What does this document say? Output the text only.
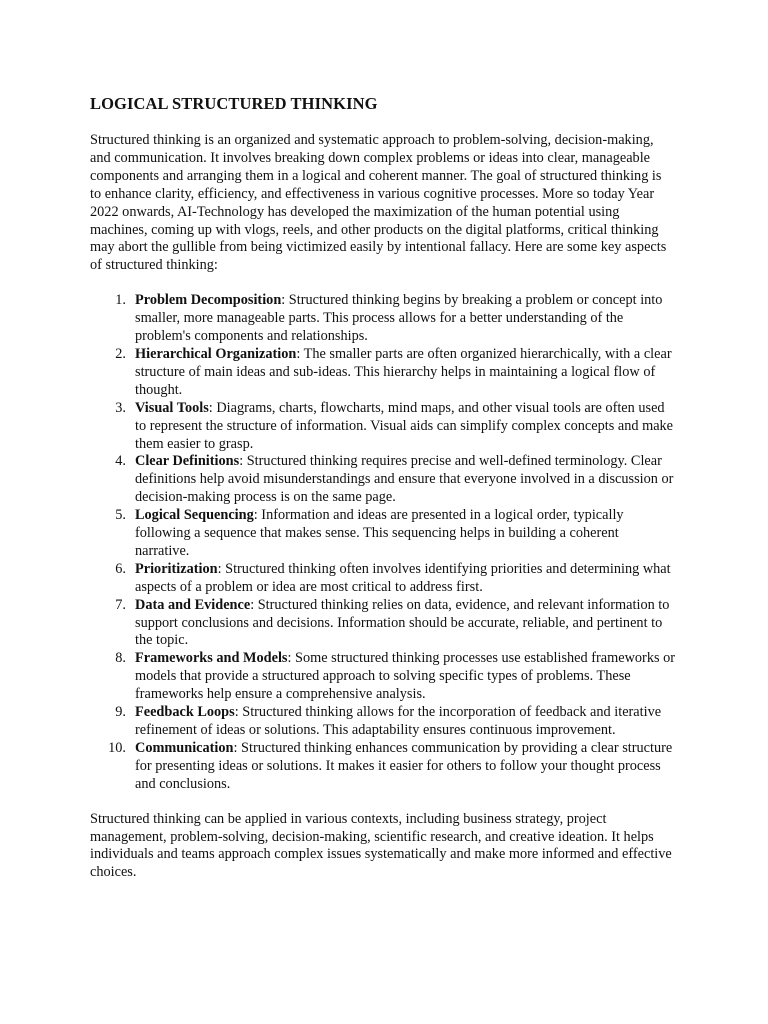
LOGICAL STRUCTURED THINKING

Structured thinking is an organized and systematic approach to problem-solving, decision-making, and communication. It involves breaking down complex problems or ideas into clear, manageable components and arranging them in a logical and coherent manner. The goal of structured thinking is to enhance clarity, efficiency, and effectiveness in various cognitive processes. More so today Year 2022 onwards, AI-Technology has developed the maximization of the human potential using machines, coming up with vlogs, reels, and other products on the digital platforms, critical thinking may abort the gullible from being victimized easily by intentional fallacy. Here are some key aspects of structured thinking:

1. Problem Decomposition: Structured thinking begins by breaking a problem or concept into smaller, more manageable parts. This process allows for a better understanding of the problem's components and relationships.
2. Hierarchical Organization: The smaller parts are often organized hierarchically, with a clear structure of main ideas and sub-ideas. This hierarchy helps in maintaining a logical flow of thought.
3. Visual Tools: Diagrams, charts, flowcharts, mind maps, and other visual tools are often used to represent the structure of information. Visual aids can simplify complex concepts and make them easier to grasp.
4. Clear Definitions: Structured thinking requires precise and well-defined terminology. Clear definitions help avoid misunderstandings and ensure that everyone involved in a discussion or decision-making process is on the same page.
5. Logical Sequencing: Information and ideas are presented in a logical order, typically following a sequence that makes sense. This sequencing helps in building a coherent narrative.
6. Prioritization: Structured thinking often involves identifying priorities and determining what aspects of a problem or idea are most critical to address first.
7. Data and Evidence: Structured thinking relies on data, evidence, and relevant information to support conclusions and decisions. Information should be accurate, reliable, and pertinent to the topic.
8. Frameworks and Models: Some structured thinking processes use established frameworks or models that provide a structured approach to solving specific types of problems. These frameworks help ensure a comprehensive analysis.
9. Feedback Loops: Structured thinking allows for the incorporation of feedback and iterative refinement of ideas or solutions. This adaptability ensures continuous improvement.
10. Communication: Structured thinking enhances communication by providing a clear structure for presenting ideas or solutions. It makes it easier for others to follow your thought process and conclusions.

Structured thinking can be applied in various contexts, including business strategy, project management, problem-solving, decision-making, scientific research, and creative ideation. It helps individuals and teams approach complex issues systematically and make more informed and effective choices.
